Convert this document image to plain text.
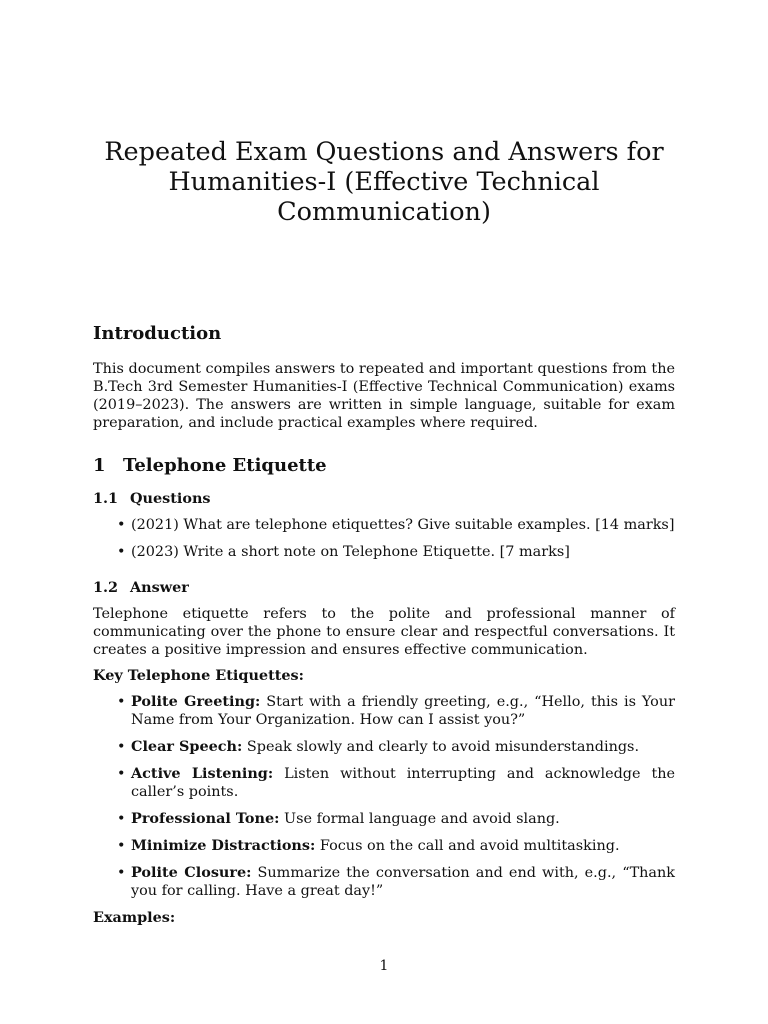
Repeated Exam Questions and Answers for
Humanities-I (Effective Technical
Communication)
Introduction

This document compiles answers to repeated and important questions from the B.Tech 3rd Semester Humanities-I (Effective Technical Communication) exams (2019–2023). The answers are written in simple language, suitable for exam preparation, and include practical examples where required.

1 Telephone Etiquette
1.1 Questions
• (2021) What are telephone etiquettes? Give suitable examples. [14 marks]
• (2023) Write a short note on Telephone Etiquette. [7 marks]
1.2 Answer

Telephone etiquette refers to the polite and professional manner of communicating over the phone to ensure clear and respectful conversations. It creates a positive impression and ensures effective communication.

Key Telephone Etiquettes:
• Polite Greeting: Start with a friendly greeting, e.g., “Hello, this is Your Name from Your Organization. How can I assist you?”
• Clear Speech: Speak slowly and clearly to avoid misunderstandings.
• Active Listening: Listen without interrupting and acknowledge the caller’s points.
• Professional Tone: Use formal language and avoid slang.
• Minimize Distractions: Focus on the call and avoid multitasking.
• Polite Closure: Summarize the conversation and end with, e.g., “Thank you for calling. Have a great day!”
Examples:
1
